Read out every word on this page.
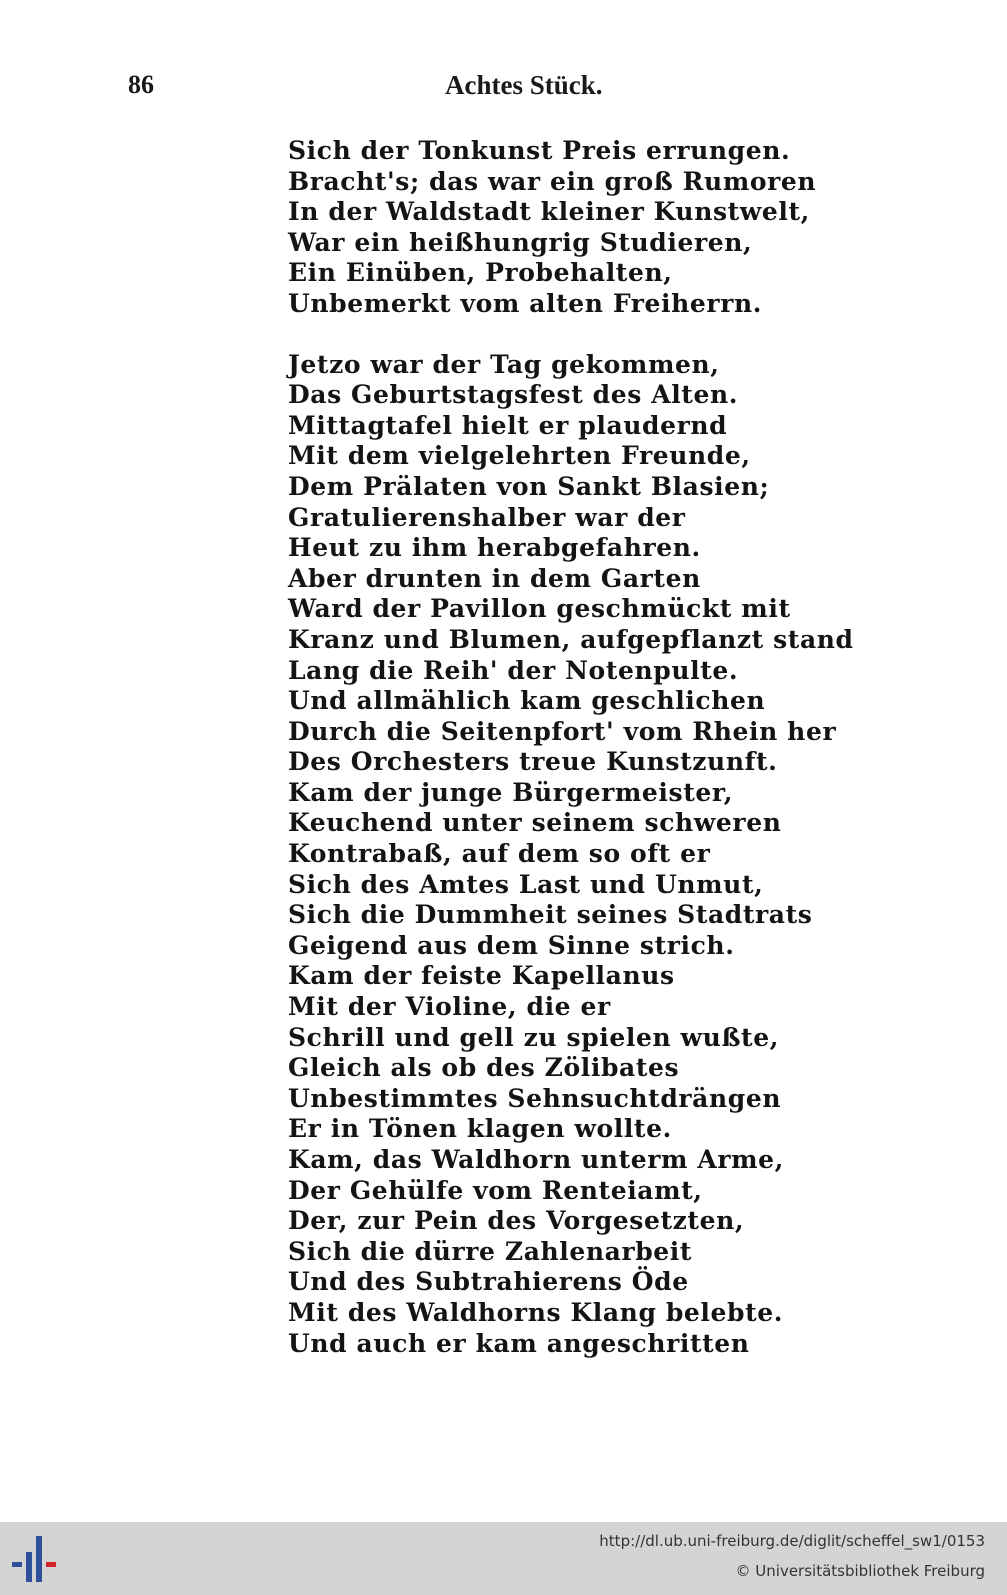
86	Achtes Stück.
Sich der Tonkunst Preis errungen.
Bracht's; das war ein groß Rumoren
In der Waldstadt kleiner Kunstwelt,
War ein heißhungrig Studieren,
Ein Einüben, Probehalten,
Unbemerkt vom alten Freiherrn.
Jetzo war der Tag gekommen,
Das Geburtstagsfest des Alten.
Mittagtafel hielt er plaudernd
Mit dem vielgelehrten Freunde,
Dem Prälaten von Sankt Blasien;
Gratulierenshalber war der
Heut zu ihm herabgefahren.
Aber drunten in dem Garten
Ward der Pavillon geschmückt mit
Kranz und Blumen, aufgepflanzt stand
Lang die Reih' der Notenpulte.
Und allmählich kam geschlichen
Durch die Seitenpfort' vom Rhein her
Des Orchesters treue Kunstzunft.
Kam der junge Bürgermeister,
Keuchend unter seinem schweren
Kontrabaß, auf dem so oft er
Sich des Amtes Last und Unmut,
Sich die Dummheit seines Stadtrats
Geigend aus dem Sinne strich.
Kam der feiste Kapellanus
Mit der Violine, die er
Schrill und gell zu spielen wußte,
Gleich als ob des Zölibates
Unbestimmtes Sehnsuchtdrängen
Er in Tönen klagen wollte.
Kam, das Waldhorn unterm Arme,
Der Gehülfe vom Renteiamt,
Der, zur Pein des Vorgesetzten,
Sich die dürre Zahlenarbeit
Und des Subtrahierens Öde
Mit des Waldhorns Klang belebte.
Und auch er kam angeschritten
http://dl.ub.uni-freiburg.de/diglit/scheffel_sw1/0153
© Universitätsbibliothek Freiburg
